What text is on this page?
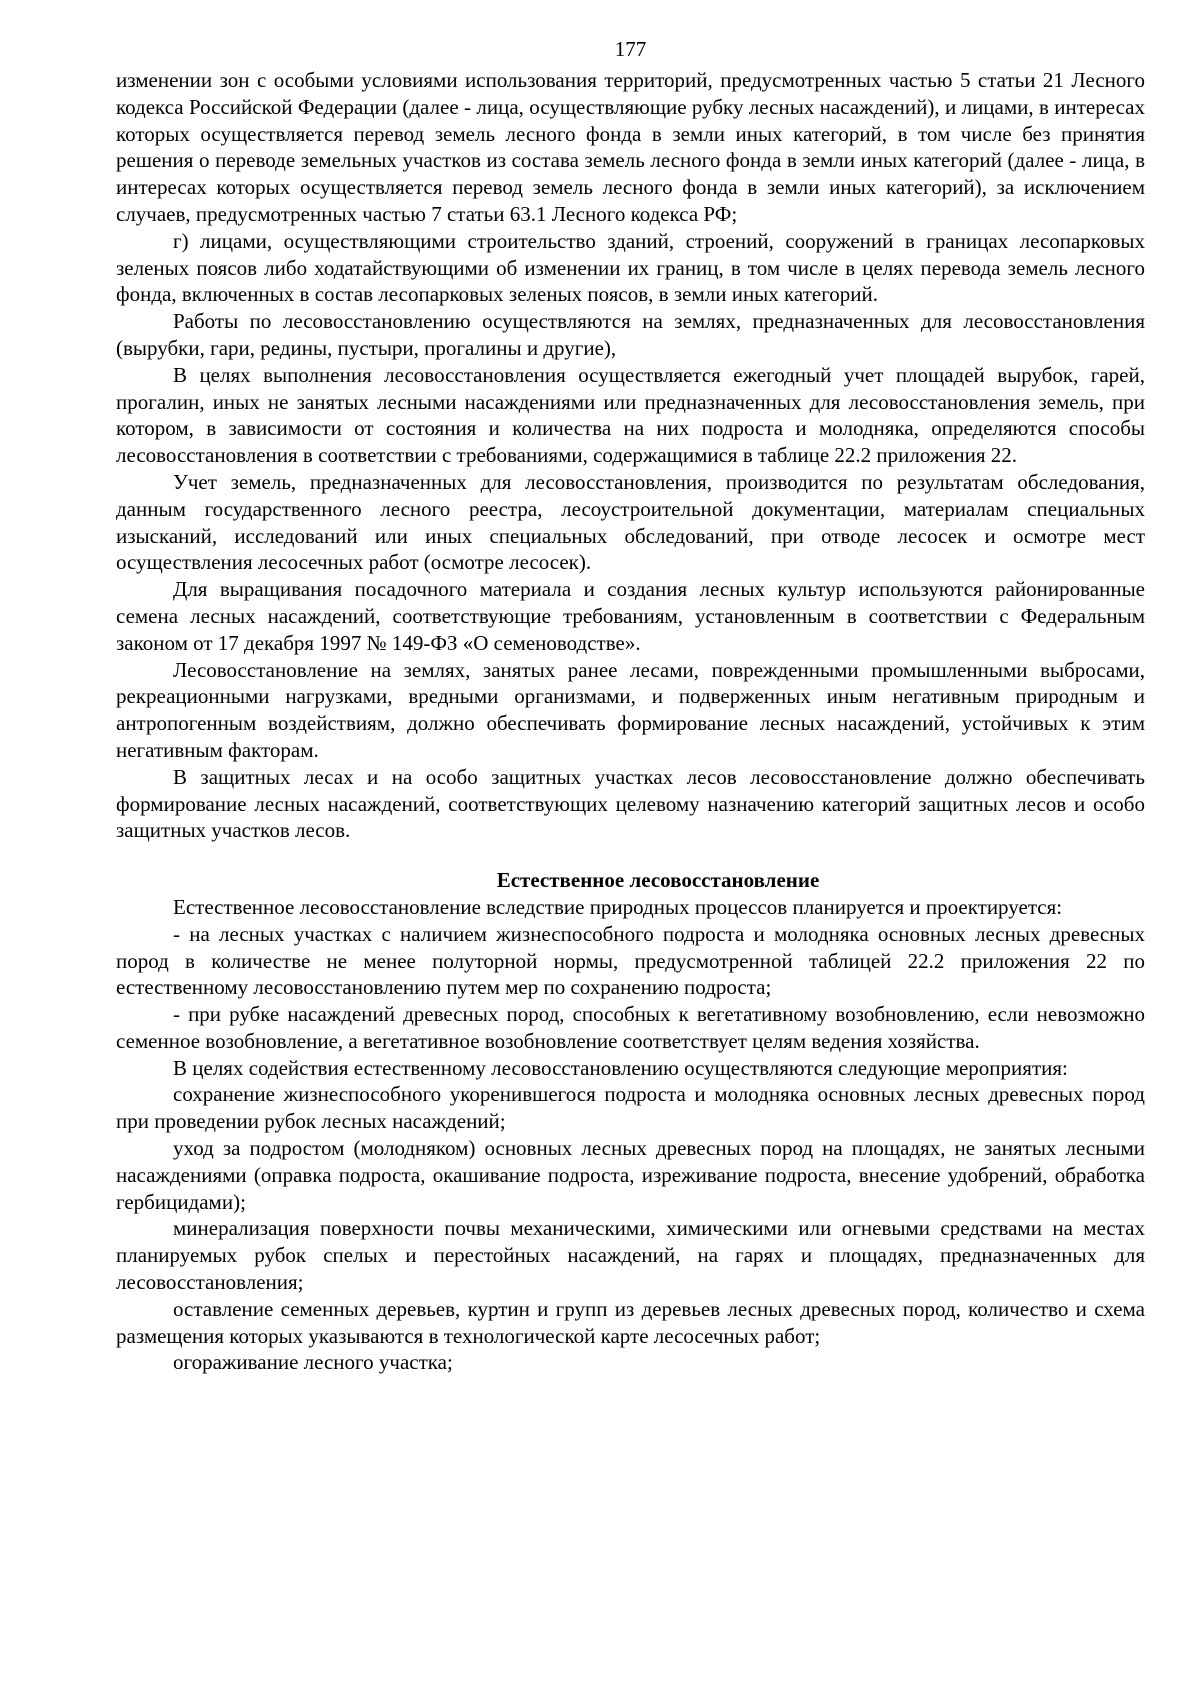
177

изменении зон с особыми условиями использования территорий, предусмотренных частью 5 статьи 21 Лесного кодекса Российской Федерации (далее - лица, осуществляющие рубку лесных насаждений), и лицами, в интересах которых осуществляется перевод земель лесного фонда в земли иных категорий, в том числе без принятия решения о переводе земельных участков из состава земель лесного фонда в земли иных категорий (далее - лица, в интересах которых осуществляется перевод земель лесного фонда в земли иных категорий), за исключением случаев, предусмотренных частью 7 статьи 63.1 Лесного кодекса РФ;

г) лицами, осуществляющими строительство зданий, строений, сооружений в границах лесопарковых зеленых поясов либо ходатайствующими об изменении их границ, в том числе в целях перевода земель лесного фонда, включенных в состав лесопарковых зеленых поясов, в земли иных категорий.

Работы по лесовосстановлению осуществляются на землях, предназначенных для лесовосстановления (вырубки, гари, редины, пустыри, прогалины и другие),

В целях выполнения лесовосстановления осуществляется ежегодный учет площадей вырубок, гарей, прогалин, иных не занятых лесными насаждениями или предназначенных для лесовосстановления земель, при котором, в зависимости от состояния и количества на них подроста и молодняка, определяются способы лесовосстановления в соответствии с требованиями, содержащимися в таблице 22.2 приложения 22.

Учет земель, предназначенных для лесовосстановления, производится по результатам обследования, данным государственного лесного реестра, лесоустроительной документации, материалам специальных изысканий, исследований или иных специальных обследований, при отводе лесосек и осмотре мест осуществления лесосечных работ (осмотре лесосек).

Для выращивания посадочного материала и создания лесных культур используются районированные семена лесных насаждений, соответствующие требованиям, установленным в соответствии с Федеральным законом от 17 декабря 1997 № 149-ФЗ «О семеноводстве».

Лесовосстановление на землях, занятых ранее лесами, поврежденными промышленными выбросами, рекреационными нагрузками, вредными организмами, и подверженных иным негативным природным и антропогенным воздействиям, должно обеспечивать формирование лесных насаждений, устойчивых к этим негативным факторам.

В защитных лесах и на особо защитных участках лесов лесовосстановление должно обеспечивать формирование лесных насаждений, соответствующих целевому назначению категорий защитных лесов и особо защитных участков лесов.

Естественное лесовосстановление

Естественное лесовосстановление вследствие природных процессов планируется и проектируется:

- на лесных участках с наличием жизнеспособного подроста и молодняка основных лесных древесных пород в количестве не менее полуторной нормы, предусмотренной таблицей 22.2 приложения 22 по естественному лесовосстановлению путем мер по сохранению подроста;

- при рубке насаждений древесных пород, способных к вегетативному возобновлению, если невозможно семенное возобновление, а вегетативное возобновление соответствует целям ведения хозяйства.

В целях содействия естественному лесовосстановлению осуществляются следующие мероприятия:

сохранение жизнеспособного укоренившегося подроста и молодняка основных лесных древесных пород при проведении рубок лесных насаждений;

уход за подростом (молодняком) основных лесных древесных пород на площадях, не занятых лесными насаждениями (оправка подроста, окашивание подроста, изреживание подроста, внесение удобрений, обработка гербицидами);

минерализация поверхности почвы механическими, химическими или огневыми средствами на местах планируемых рубок спелых и перестойных насаждений, на гарях и площадях, предназначенных для лесовосстановления;

оставление семенных деревьев, куртин и групп из деревьев лесных древесных пород, количество и схема размещения которых указываются в технологической карте лесосечных работ;

огораживание лесного участка;
